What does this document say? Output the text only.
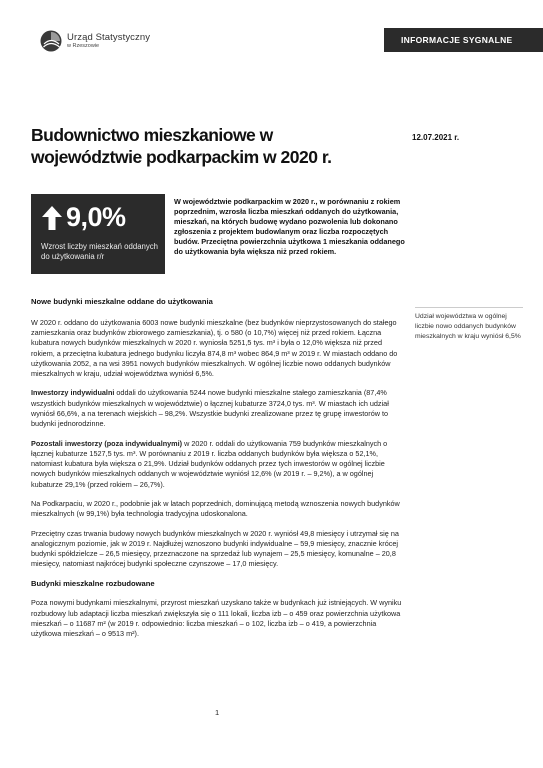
Urząd Statystyczny
w Rzeszowie
INFORMACJE SYGNALNE
Budownictwo mieszkaniowe w województwie podkarpackim w 2020 r.
12.07.2021 r.
9,0%
Wzrost liczby mieszkań oddanych do użytkowania r/r
W województwie podkarpackim w 2020 r., w porównaniu z rokiem poprzednim, wzrosła liczba mieszkań oddanych do użytkowania, mieszkań, na których budowę wydano pozwolenia lub dokonano zgłoszenia z projektem budowlanym oraz liczba rozpoczętych budów. Przeciętna powierzchnia użytkowa 1 mieszkania oddanego do użytkowania była większa niż przed rokiem.
Nowe budynki mieszkalne oddane do użytkowania

W 2020 r. oddano do użytkowania 6003 nowe budynki mieszkalne (bez budynków nieprzystosowanych do stałego zamieszkania oraz budynków zbiorowego zamieszkania), tj. o 580 (o 10,7%) więcej niż przed rokiem. Łączna kubatura nowych budynków mieszkalnych w 2020 r. wyniosła 5251,5 tys. m³ i była o 12,0% większa niż przed rokiem, a przeciętna kubatura jednego budynku liczyła 874,8 m³ wobec 864,9 m³ w 2019 r. W miastach oddano do użytkowania 2052, a na wsi 3951 nowych budynków mieszkalnych. W ogólnej liczbie nowo oddanych budynków mieszkalnych w kraju, udział województwa wyniósł 6,5%.

Inwestorzy indywidualni oddali do użytkowania 5244 nowe budynki mieszkalne stałego zamieszkania (87,4% wszystkich budynków mieszkalnych w województwie) o łącznej kubaturze 3724,0 tys. m³. W miastach ich udział wyniósł 66,6%, a na terenach wiejskich – 98,2%. Wszystkie budynki zrealizowane przez tę grupę inwestorów to budynki jednorodzinne.

Pozostali inwestorzy (poza indywidualnymi) w 2020 r. oddali do użytkowania 759 budynków mieszkalnych o łącznej kubaturze 1527,5 tys. m³. W porównaniu z 2019 r. liczba oddanych budynków była większa o 52,1%, natomiast kubatura była większa o 21,9%. Udział budynków oddanych przez tych inwestorów w ogólnej liczbie nowych budynków mieszkalnych oddanych w województwie wyniósł 12,6% (w 2019 r. – 9,2%), a w ogólnej kubaturze 29,1% (przed rokiem – 26,7%).

Na Podkarpaciu, w 2020 r., podobnie jak w latach poprzednich, dominującą metodą wznoszenia nowych budynków mieszkalnych (w 99,1%) była technologia tradycyjna udoskonalona.

Przeciętny czas trwania budowy nowych budynków mieszkalnych w 2020 r. wyniósł 49,8 miesięcy i utrzymał się na analogicznym poziomie, jak w 2019 r. Najdłużej wznoszono budynki indywidualne – 59,9 miesięcy, znacznie krócej budynki spółdzielcze – 26,5 miesięcy, przeznaczone na sprzedaż lub wynajem – 25,5 miesięcy, komunalne – 20,8 miesięcy, natomiast najkrócej budynki społeczne czynszowe – 17,0 miesięcy.

Budynki mieszkalne rozbudowane

Poza nowymi budynkami mieszkalnymi, przyrost mieszkań uzyskano także w budynkach już istniejących. W wyniku rozbudowy lub adaptacji liczba mieszkań zwiększyła się o 111 lokali, liczba izb – o 459 oraz powierzchnia użytkowa mieszkań – o 11687 m² (w 2019 r. odpowiednio: liczba mieszkań – o 102, liczba izb – o 419, a powierzchnia użytkowa mieszkań – o 9513 m²).

Udział województwa w ogólnej liczbie nowo oddanych budynków mieszkalnych w kraju wyniósł 6,5%
1
